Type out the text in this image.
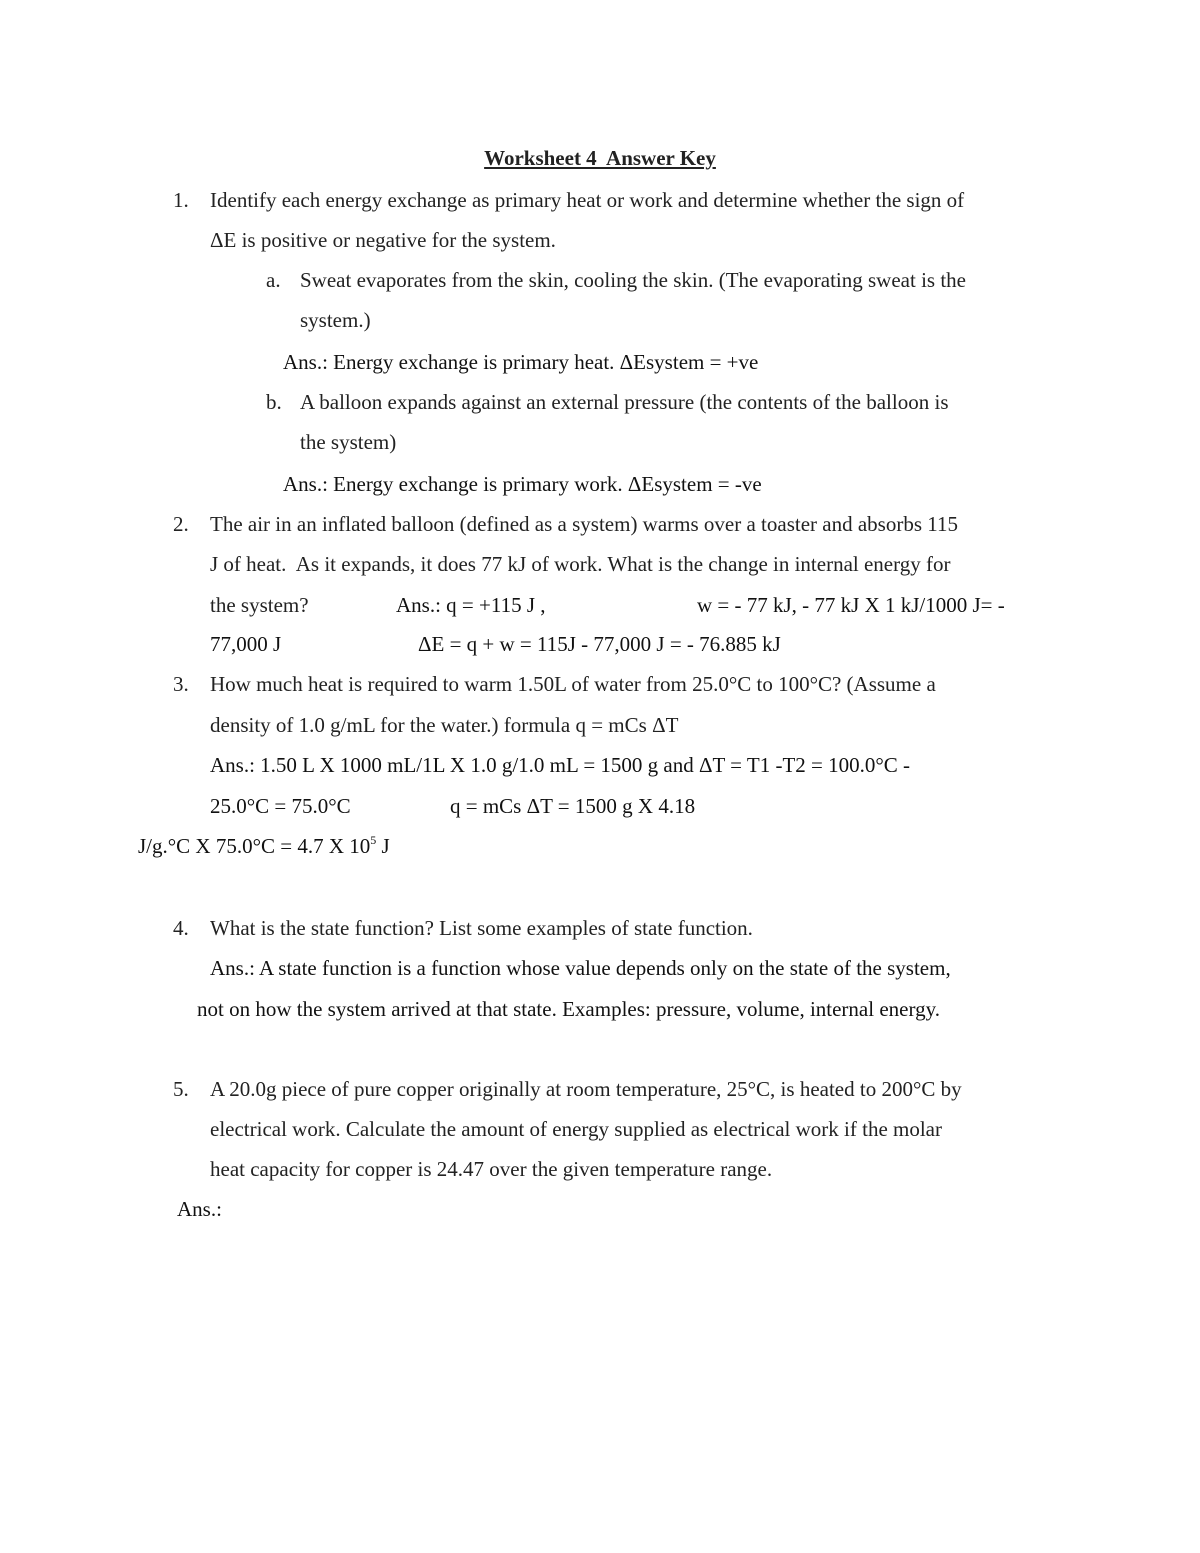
Worksheet 4  Answer Key
1. Identify each energy exchange as primary heat or work and determine whether the sign of
ΔE is positive or negative for the system.
a. Sweat evaporates from the skin, cooling the skin. (The evaporating sweat is the
system.)
Ans.: Energy exchange is primary heat. ΔEsystem = +ve
b. A balloon expands against an external pressure (the contents of the balloon is
the system)
Ans.: Energy exchange is primary work. ΔEsystem = -ve
2. The air in an inflated balloon (defined as a system) warms over a toaster and absorbs 115
J of heat.  As it expands, it does 77 kJ of work. What is the change in internal energy for
the system?	Ans.: q = +115 J ,	w = - 77 kJ, - 77 kJ X 1 kJ/1000 J= -
77,000 J	ΔE = q + w = 115J - 77,000 J = - 76.885 kJ
3. How much heat is required to warm 1.50L of water from 25.0°C to 100°C? (Assume a
density of 1.0 g/mL for the water.) formula q = mCs ΔT
Ans.: 1.50 L X 1000 mL/1L X 1.0 g/1.0 mL = 1500 g and ΔT = T1 -T2 = 100.0°C -
25.0°C = 75.0°C	q = mCs ΔT = 1500 g X 4.18
J/g.°C X 75.0°C = 4.7 X $10^5$ J
4. What is the state function? List some examples of state function.
Ans.: A state function is a function whose value depends only on the state of the system,
not on how the system arrived at that state. Examples: pressure, volume, internal energy.
5. A 20.0g piece of pure copper originally at room temperature, 25°C, is heated to 200°C by
electrical work. Calculate the amount of energy supplied as electrical work if the molar
heat capacity for copper is 24.47 over the given temperature range.
Ans.:
